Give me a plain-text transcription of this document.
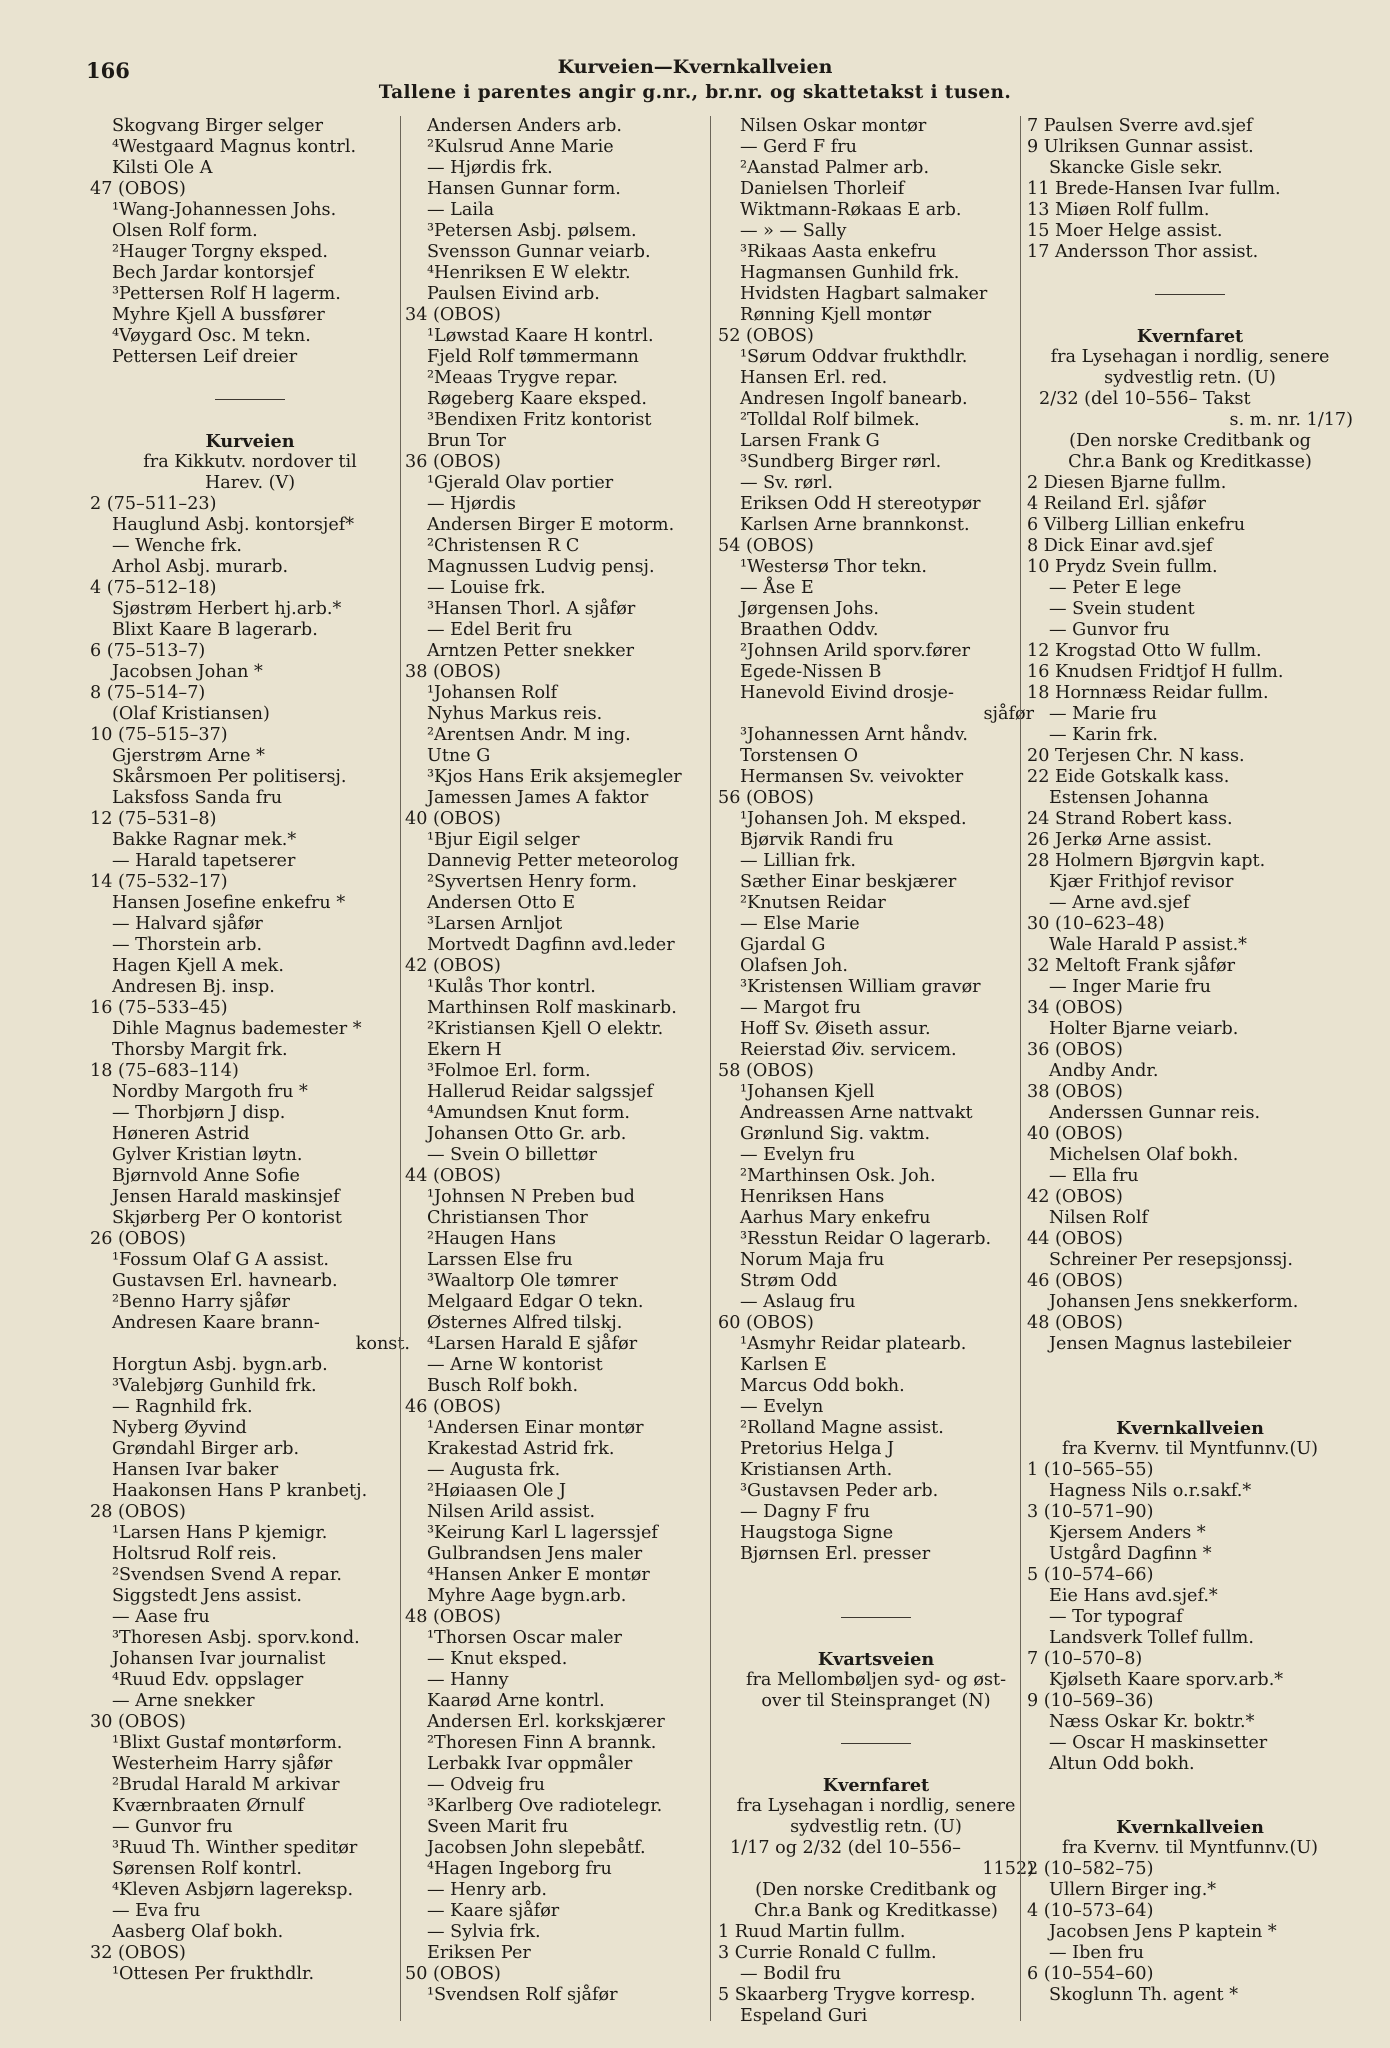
166	Kurveien—Kvernkallveien
Tallene i parentes angir g.nr., br.nr. og skattetakst i tusen.
Skogvang Birger selger
⁴Westgaard Magnus kontrl.
Kilsti Ole A
47 (OBOS)
¹Wang-Johannessen Johs.
Olsen Rolf form.
²Hauger Torgny eksped.
Bech Jardar kontorsjef
³Pettersen Rolf H lagerm.
Myhre Kjell A bussfører
⁴Vøygard Osc. M tekn.
Pettersen Leif dreier
Kurveien
fra Kikkutv. nordover til
Harev. (V)
2 (75–511–23)
Hauglund Asbj. kontorsjef*
— Wenche frk.
Arhol Asbj. murarb.
4 (75–512–18)
Sjøstrøm Herbert hj.arb.*
Blixt Kaare B lagerarb.
6 (75–513–7)
Jacobsen Johan *
8 (75–514–7)
(Olaf Kristiansen)
10 (75–515–37)
Gjerstrøm Arne *
Skårsmoen Per politisersj.
Laksfoss Sanda fru
12 (75–531–8)
Bakke Ragnar mek.*
— Harald tapetserer
14 (75–532–17)
Hansen Josefine enkefru *
— Halvard sjåfør
— Thorstein arb.
Hagen Kjell A mek.
Andresen Bj. insp.
16 (75–533–45)
Dihle Magnus bademester *
Thorsby Margit frk.
18 (75–683–114)
Nordby Margoth fru *
— Thorbjørn J disp.
Høneren Astrid
Gylver Kristian løytn.
Bjørnvold Anne Sofie
Jensen Harald maskinsjef
Skjørberg Per O kontorist
26 (OBOS)
¹Fossum Olaf G A assist.
Gustavsen Erl. havnearb.
²Benno Harry sjåfør
Andresen Kaare brann-
konst.
Horgtun Asbj. bygn.arb.
³Valebjørg Gunhild frk.
— Ragnhild frk.
Nyberg Øyvind
Grøndahl Birger arb.
Hansen Ivar baker
Haakonsen Hans P kranbetj.
28 (OBOS)
¹Larsen Hans P kjemigr.
Holtsrud Rolf reis.
²Svendsen Svend A repar.
Siggstedt Jens assist.
— Aase fru
³Thoresen Asbj. sporv.kond.
Johansen Ivar journalist
⁴Ruud Edv. oppslager
— Arne snekker
30 (OBOS)
¹Blixt Gustaf montørform.
Westerheim Harry sjåfør
²Brudal Harald M arkivar
Kværnbraaten Ørnulf
— Gunvor fru
³Ruud Th. Winther speditør
Sørensen Rolf kontrl.
⁴Kleven Asbjørn lagereksp.
— Eva fru
Aasberg Olaf bokh.
32 (OBOS)
¹Ottesen Per frukthdlr.
Andersen Anders arb.
²Kulsrud Anne Marie
— Hjørdis frk.
Hansen Gunnar form.
— Laila
³Petersen Asbj. pølsem.
Svensson Gunnar veiarb.
⁴Henriksen E W elektr.
Paulsen Eivind arb.
34 (OBOS)
¹Løwstad Kaare H kontrl.
Fjeld Rolf tømmermann
²Meaas Trygve repar.
Røgeberg Kaare eksped.
³Bendixen Fritz kontorist
Brun Tor
36 (OBOS)
¹Gjerald Olav portier
— Hjørdis
Andersen Birger E motorm.
²Christensen R C
Magnussen Ludvig pensj.
— Louise frk.
³Hansen Thorl. A sjåfør
— Edel Berit fru
Arntzen Petter snekker
38 (OBOS)
¹Johansen Rolf
Nyhus Markus reis.
²Arentsen Andr. M ing.
Utne G
³Kjos Hans Erik aksjemegler
Jamessen James A faktor
40 (OBOS)
¹Bjur Eigil selger
Dannevig Petter meteorolog
²Syvertsen Henry form.
Andersen Otto E
³Larsen Arnljot
Mortvedt Dagfinn avd.leder
42 (OBOS)
¹Kulås Thor kontrl.
Marthinsen Rolf maskinarb.
²Kristiansen Kjell O elektr.
Ekern H
³Folmoe Erl. form.
Hallerud Reidar salgssjef
⁴Amundsen Knut form.
Johansen Otto Gr. arb.
— Svein O billettør
44 (OBOS)
¹Johnsen N Preben bud
Christiansen Thor
²Haugen Hans
Larssen Else fru
³Waaltorp Ole tømrer
Melgaard Edgar O tekn.
Østernes Alfred tilskj.
⁴Larsen Harald E sjåfør
— Arne W kontorist
Busch Rolf bokh.
46 (OBOS)
¹Andersen Einar montør
Krakestad Astrid frk.
— Augusta frk.
²Høiaasen Ole J
Nilsen Arild assist.
³Keirung Karl L lagerssjef
Gulbrandsen Jens maler
⁴Hansen Anker E montør
Myhre Aage bygn.arb.
48 (OBOS)
¹Thorsen Oscar maler
— Knut eksped.
— Hanny
Kaarød Arne kontrl.
Andersen Erl. korkskjærer
²Thoresen Finn A brannk.
Lerbakk Ivar oppmåler
— Odveig fru
³Karlberg Ove radiotelegr.
Sveen Marit fru
Jacobsen John slepebåtf.
⁴Hagen Ingeborg fru
— Henry arb.
— Kaare sjåfør
— Sylvia frk.
Eriksen Per
50 (OBOS)
¹Svendsen Rolf sjåfør
Nilsen Oskar montør
— Gerd F fru
²Aanstad Palmer arb.
Danielsen Thorleif
Wiktmann-Røkaas E arb.
— » — Sally
³Rikaas Aasta enkefru
Hagmansen Gunhild frk.
Hvidsten Hagbart salmaker
Rønning Kjell montør
52 (OBOS)
¹Sørum Oddvar frukthdlr.
Hansen Erl. red.
Andresen Ingolf banearb.
²Tolldal Rolf bilmek.
Larsen Frank G
³Sundberg Birger rørl.
— Sv. rørl.
Eriksen Odd H stereotypør
Karlsen Arne brannkonst.
54 (OBOS)
¹Westersø Thor tekn.
— Åse E
Jørgensen Johs.
Braathen Oddv.
²Johnsen Arild sporv.fører
Egede-Nissen B
Hanevold Eivind drosje-
sjåfør
³Johannessen Arnt håndv.
Torstensen O
Hermansen Sv. veivokter
56 (OBOS)
¹Johansen Joh. M eksped.
Bjørvik Randi fru
— Lillian frk.
Sæther Einar beskjærer
²Knutsen Reidar
— Else Marie
Gjardal G
Olafsen Joh.
³Kristensen William gravør
— Margot fru
Hoff Sv. Øiseth assur.
Reierstad Øiv. servicem.
58 (OBOS)
¹Johansen Kjell
Andreassen Arne nattvakt
Grønlund Sig. vaktm.
— Evelyn fru
²Marthinsen Osk. Joh.
Henriksen Hans
Aarhus Mary enkefru
³Resstun Reidar O lagerarb.
Norum Maja fru
Strøm Odd
— Aslaug fru
60 (OBOS)
¹Asmyhr Reidar platearb.
Karlsen E
Marcus Odd bokh.
— Evelyn
²Rolland Magne assist.
Pretorius Helga J
Kristiansen Arth.
³Gustavsen Peder arb.
— Dagny F fru
Haugstoga Signe
Bjørnsen Erl. presser
Kvartsveien
fra Mellombøljen syd- og øst-
over til Steinspranget (N)
Kvernfaret
fra Lysehagan i nordlig, senere
sydvestlig retn. (U)
1/17 og 2/32 (del 10–556–
1152)
(Den norske Creditbank og
Chr.a Bank og Kreditkasse)
1 Ruud Martin fullm.
3 Currie Ronald C fullm.
— Bodil fru
5 Skaarberg Trygve korresp.
Espeland Guri
7 Paulsen Sverre avd.sjef
9 Ulriksen Gunnar assist.
Skancke Gisle sekr.
11 Brede-Hansen Ivar fullm.
13 Miøen Rolf fullm.
15 Moer Helge assist.
17 Andersson Thor assist.
Kvernfaret
fra Lysehagan i nordlig, senere
sydvestlig retn. (U)
2/32 (del 10–556– Takst
s. m. nr. 1/17)
(Den norske Creditbank og
Chr.a Bank og Kreditkasse)
2 Diesen Bjarne fullm.
4 Reiland Erl. sjåfør
6 Vilberg Lillian enkefru
8 Dick Einar avd.sjef
10 Prydz Svein fullm.
— Peter E lege
— Svein student
— Gunvor fru
12 Krogstad Otto W fullm.
16 Knudsen Fridtjof H fullm.
18 Hornnæss Reidar fullm.
— Marie fru
— Karin frk.
20 Terjesen Chr. N kass.
22 Eide Gotskalk kass.
Estensen Johanna
24 Strand Robert kass.
26 Jerkø Arne assist.
28 Holmern Bjørgvin kapt.
Kjær Frithjof revisor
— Arne avd.sjef
30 (10–623–48)
Wale Harald P assist.*
32 Meltoft Frank sjåfør
— Inger Marie fru
34 (OBOS)
Holter Bjarne veiarb.
36 (OBOS)
Andby Andr.
38 (OBOS)
Anderssen Gunnar reis.
40 (OBOS)
Michelsen Olaf bokh.
— Ella fru
42 (OBOS)
Nilsen Rolf
44 (OBOS)
Schreiner Per resepsjonssj.
46 (OBOS)
Johansen Jens snekkerform.
48 (OBOS)
Jensen Magnus lastebileier
Kvernkallveien
fra Kvernv. til Myntfunnv.(U)
1 (10–565–55)
Hagness Nils o.r.sakf.*
3 (10–571–90)
Kjersem Anders *
Ustgård Dagfinn *
5 (10–574–66)
Eie Hans avd.sjef.*
— Tor typograf
Landsverk Tollef fullm.
7 (10–570–8)
Kjølseth Kaare sporv.arb.*
9 (10–569–36)
Næss Oskar Kr. boktr.*
— Oscar H maskinsetter
Altun Odd bokh.
Kvernkallveien
fra Kvernv. til Myntfunnv.(U)
2 (10–582–75)
Ullern Birger ing.*
4 (10–573–64)
Jacobsen Jens P kaptein *
— Iben fru
6 (10–554–60)
Skoglunn Th. agent *
